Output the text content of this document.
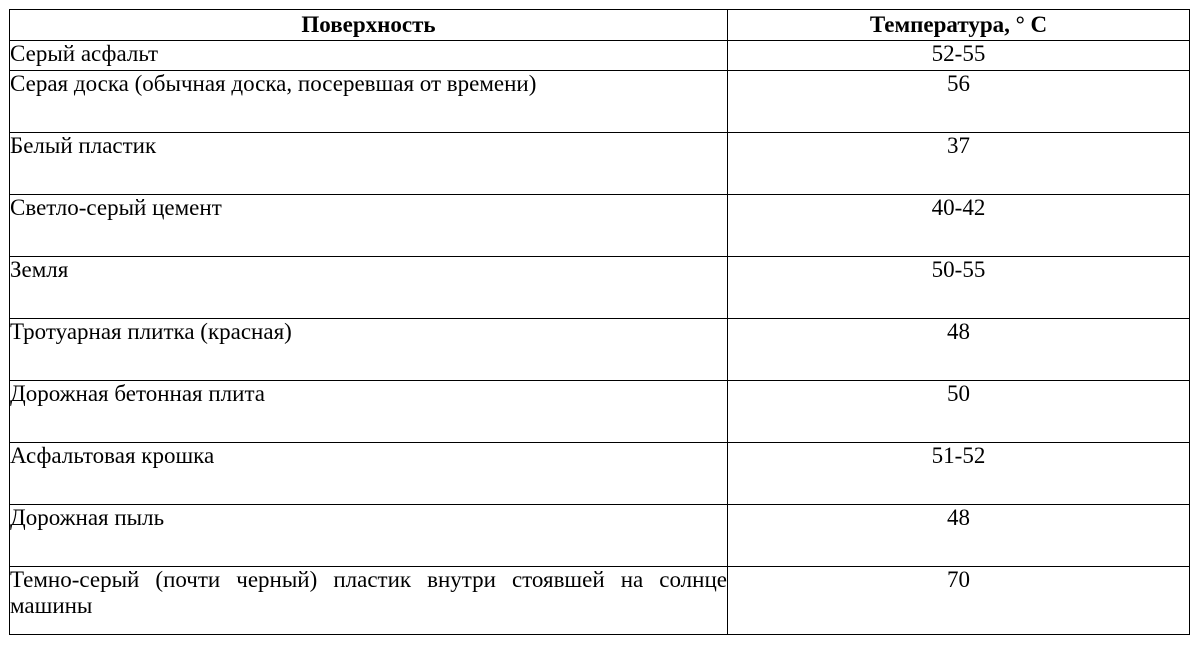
Поверхность	Температура, ° С
Серый асфальт	52-55
Серая доска (обычная доска, посеревшая от времени)	56
Белый пластик	37
Светло-серый цемент	40-42
Земля	50-55
Тротуарная плитка (красная)	48
Дорожная бетонная плита	50
Асфальтовая крошка	51-52
Дорожная пыль	48
Темно-серый (почти черный) пластик внутри стоявшей на солнце машины	70
